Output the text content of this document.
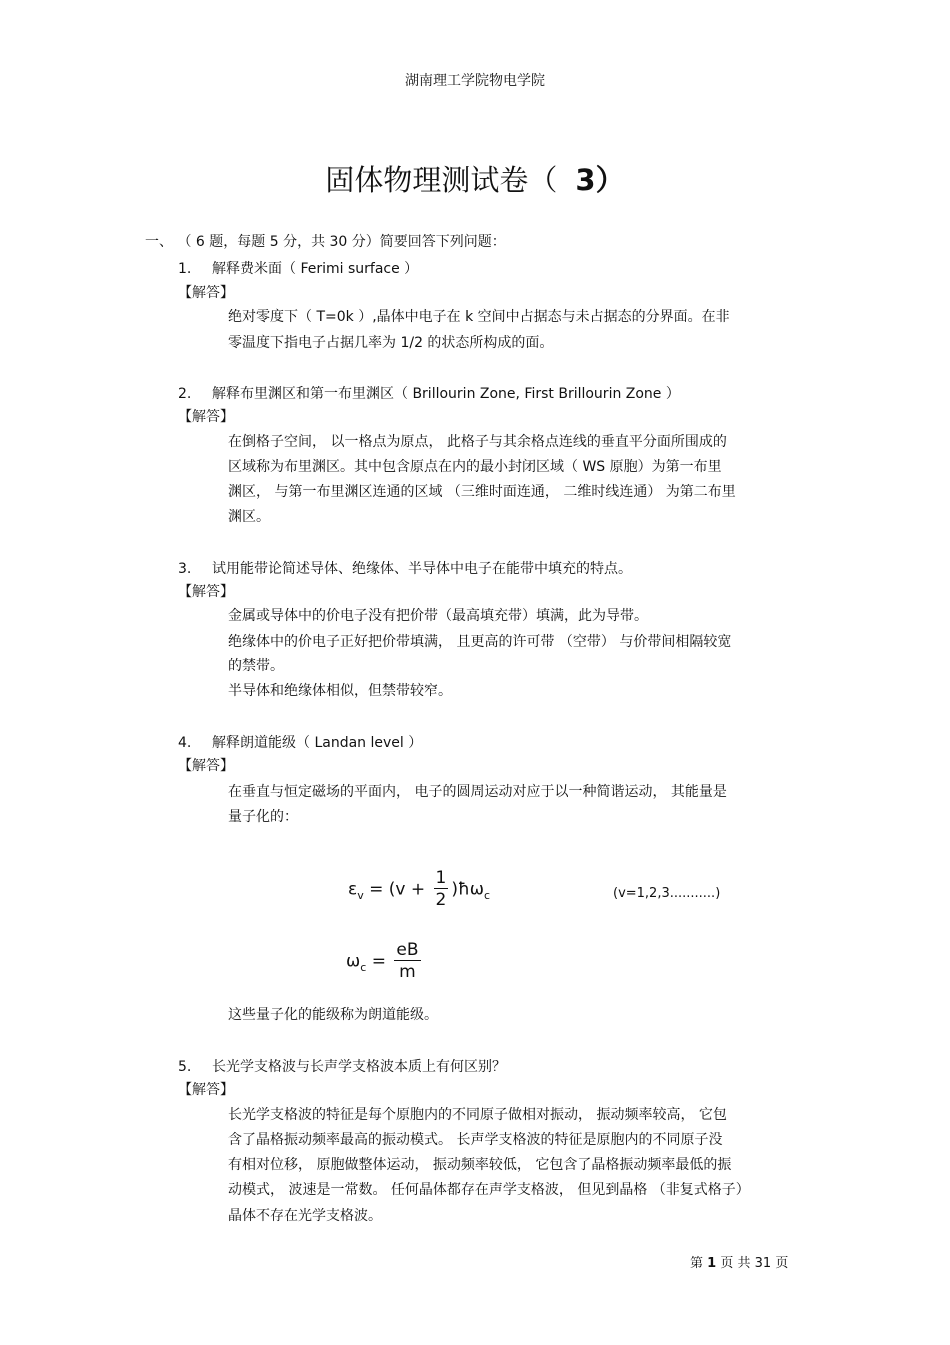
湖南理工学院物电学院
固体物理测试卷（ 3）
一、 （ 6 题，每题 5 分，共 30 分）简要回答下列问题：
1. 解释费米面（ Ferimi surface ）
【解答】
绝对零度下（ T=0k ）,晶体中电子在 k 空间中占据态与未占据态的分界面。在非
零温度下指电子占据几率为 1/2 的状态所构成的面。
2. 解释布里渊区和第一布里渊区（ Brillourin Zone, First Brillourin Zone ）
【解答】
在倒格子空间， 以一格点为原点， 此格子与其余格点连线的垂直平分面所围成的
区域称为布里渊区。其中包含原点在内的最小封闭区域（ WS 原胞）为第一布里
渊区， 与第一布里渊区连通的区域 （三维时面连通， 二维时线连通） 为第二布里
渊区。
3. 试用能带论简述导体、绝缘体、半导体中电子在能带中填充的特点。
【解答】
金属或导体中的价电子没有把价带（最高填充带）填满，此为导带。
绝缘体中的价电子正好把价带填满， 且更高的许可带 （空带） 与价带间相隔较宽
的禁带。
半导体和绝缘体相似，但禁带较窄。
4. 解释朗道能级（ Landan level ）
【解答】
在垂直与恒定磁场的平面内， 电子的圆周运动对应于以一种简谐运动， 其能量是
量子化的：
$\varepsilon_v = (v + \frac{1}{2}$ )$ħ\omega_c$	(v=1,2,3...........)
$\omega_c = \frac{eB}{m}$
这些量子化的能级称为朗道能级。
5. 长光学支格波与长声学支格波本质上有何区别？
【解答】
长光学支格波的特征是每个原胞内的不同原子做相对振动， 振动频率较高， 它包
含了晶格振动频率最高的振动模式。 长声学支格波的特征是原胞内的不同原子没
有相对位移， 原胞做整体运动， 振动频率较低， 它包含了晶格振动频率最低的振
动模式， 波速是一常数。 任何晶体都存在声学支格波， 但见到晶格 （非复式格子）
晶体不存在光学支格波。
第 1 页 共 31 页
